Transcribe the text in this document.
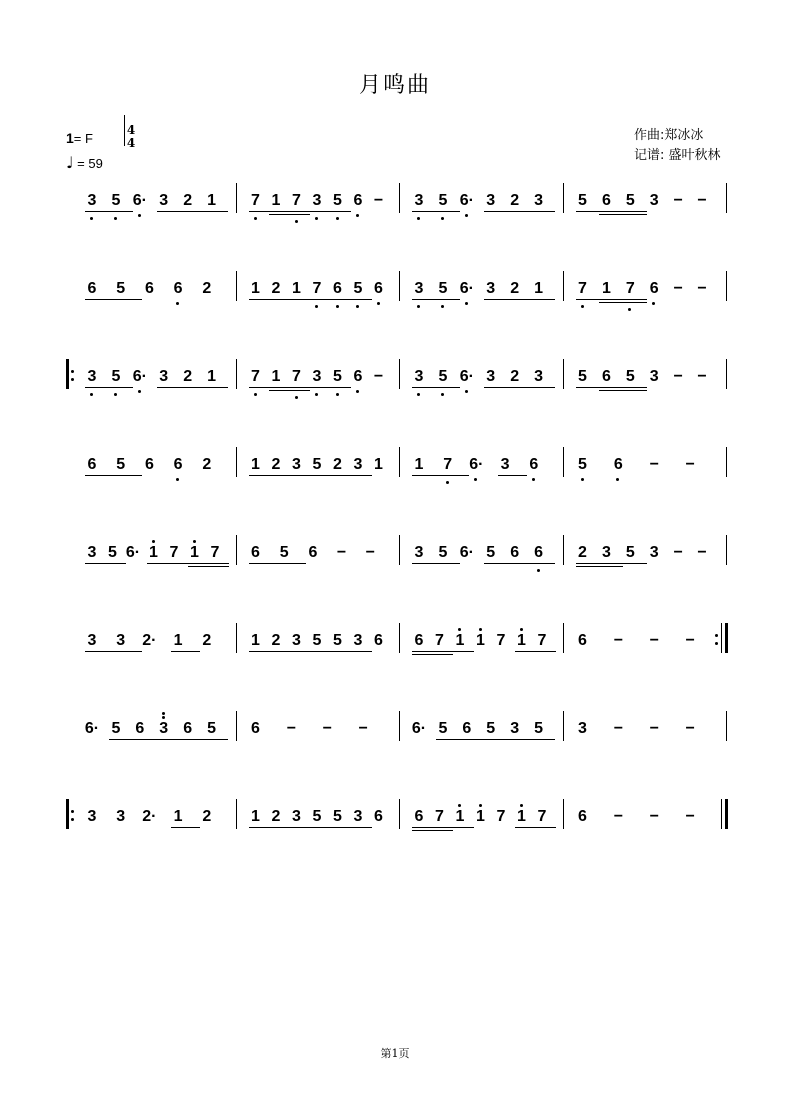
月鸣曲
1= F
4
4
♩ = 59
作曲:郑冰冰
记谱: 盛叶秋林
3 5 6· 3 2 1 7 1 7 3 5 6 − 3 5 6· 3 2 3 5 6 5 3 − −
6 5 6 6 2 1 2 1 7 6 5 6 3 5 6· 3 2 1 7 1 7 6 − −
3 5 6· 3 2 1 7 1 7 3 5 6 − 3 5 6· 3 2 3 5 6 5 3 − −
6 5 6 6 2 1 2 3 5 2 3 1 1 7 6· 3 6 5 6 − −
3 5 6· 1 7 1 7 6 5 6 − − 3 5 6· 5 6 6 2 3 5 3 − −
3 3 2· 1 2 1 2 3 5 5 3 6 6 7 1 1 7 1 7 6 − − −
6· 5 6 3 6 5 6 − − −	6· 5 6 5 3 5 3 − − −
3 3 2· 1 2 1 2 3 5 5 3 6 6 7 1 1 7 1 7 6 − − −
第1页
